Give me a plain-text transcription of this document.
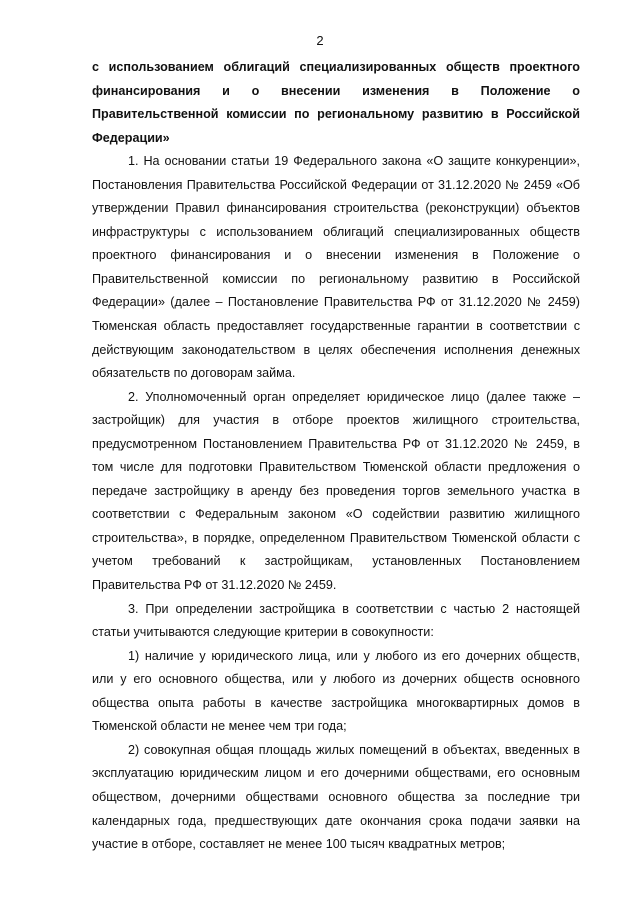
2

с использованием облигаций специализированных обществ проектного финансирования и о внесении изменения в Положение о Правительственной комиссии по региональному развитию в Российской Федерации»

1. На основании статьи 19 Федерального закона «О защите конкуренции», Постановления Правительства Российской Федерации от 31.12.2020 № 2459 «Об утверждении Правил финансирования строительства (реконструкции) объектов инфраструктуры с использованием облигаций специализированных обществ проектного финансирования и о внесении изменения в Положение о Правительственной комиссии по региональному развитию в Российской Федерации» (далее – Постановление Правительства РФ от 31.12.2020 № 2459) Тюменская область предоставляет государственные гарантии в соответствии с действующим законодательством в целях обеспечения исполнения денежных обязательств по договорам займа.

2. Уполномоченный орган определяет юридическое лицо (далее также – застройщик) для участия в отборе проектов жилищного строительства, предусмотренном Постановлением Правительства РФ от 31.12.2020 № 2459, в том числе для подготовки Правительством Тюменской области предложения о передаче застройщику в аренду без проведения торгов земельного участка в соответствии с Федеральным законом «О содействии развитию жилищного строительства», в порядке, определенном Правительством Тюменской области с учетом требований к застройщикам, установленных Постановлением Правительства РФ от 31.12.2020 № 2459.

3. При определении застройщика в соответствии с частью 2 настоящей статьи учитываются следующие критерии в совокупности:

1) наличие у юридического лица, или у любого из его дочерних обществ, или у его основного общества, или у любого из дочерних обществ основного общества опыта работы в качестве застройщика многоквартирных домов в Тюменской области не менее чем три года;

2) совокупная общая площадь жилых помещений в объектах, введенных в эксплуатацию юридическим лицом и его дочерними обществами, его основным обществом, дочерними обществами основного общества за последние три календарных года, предшествующих дате окончания срока подачи заявки на участие в отборе, составляет не менее 100 тысяч квадратных метров;
